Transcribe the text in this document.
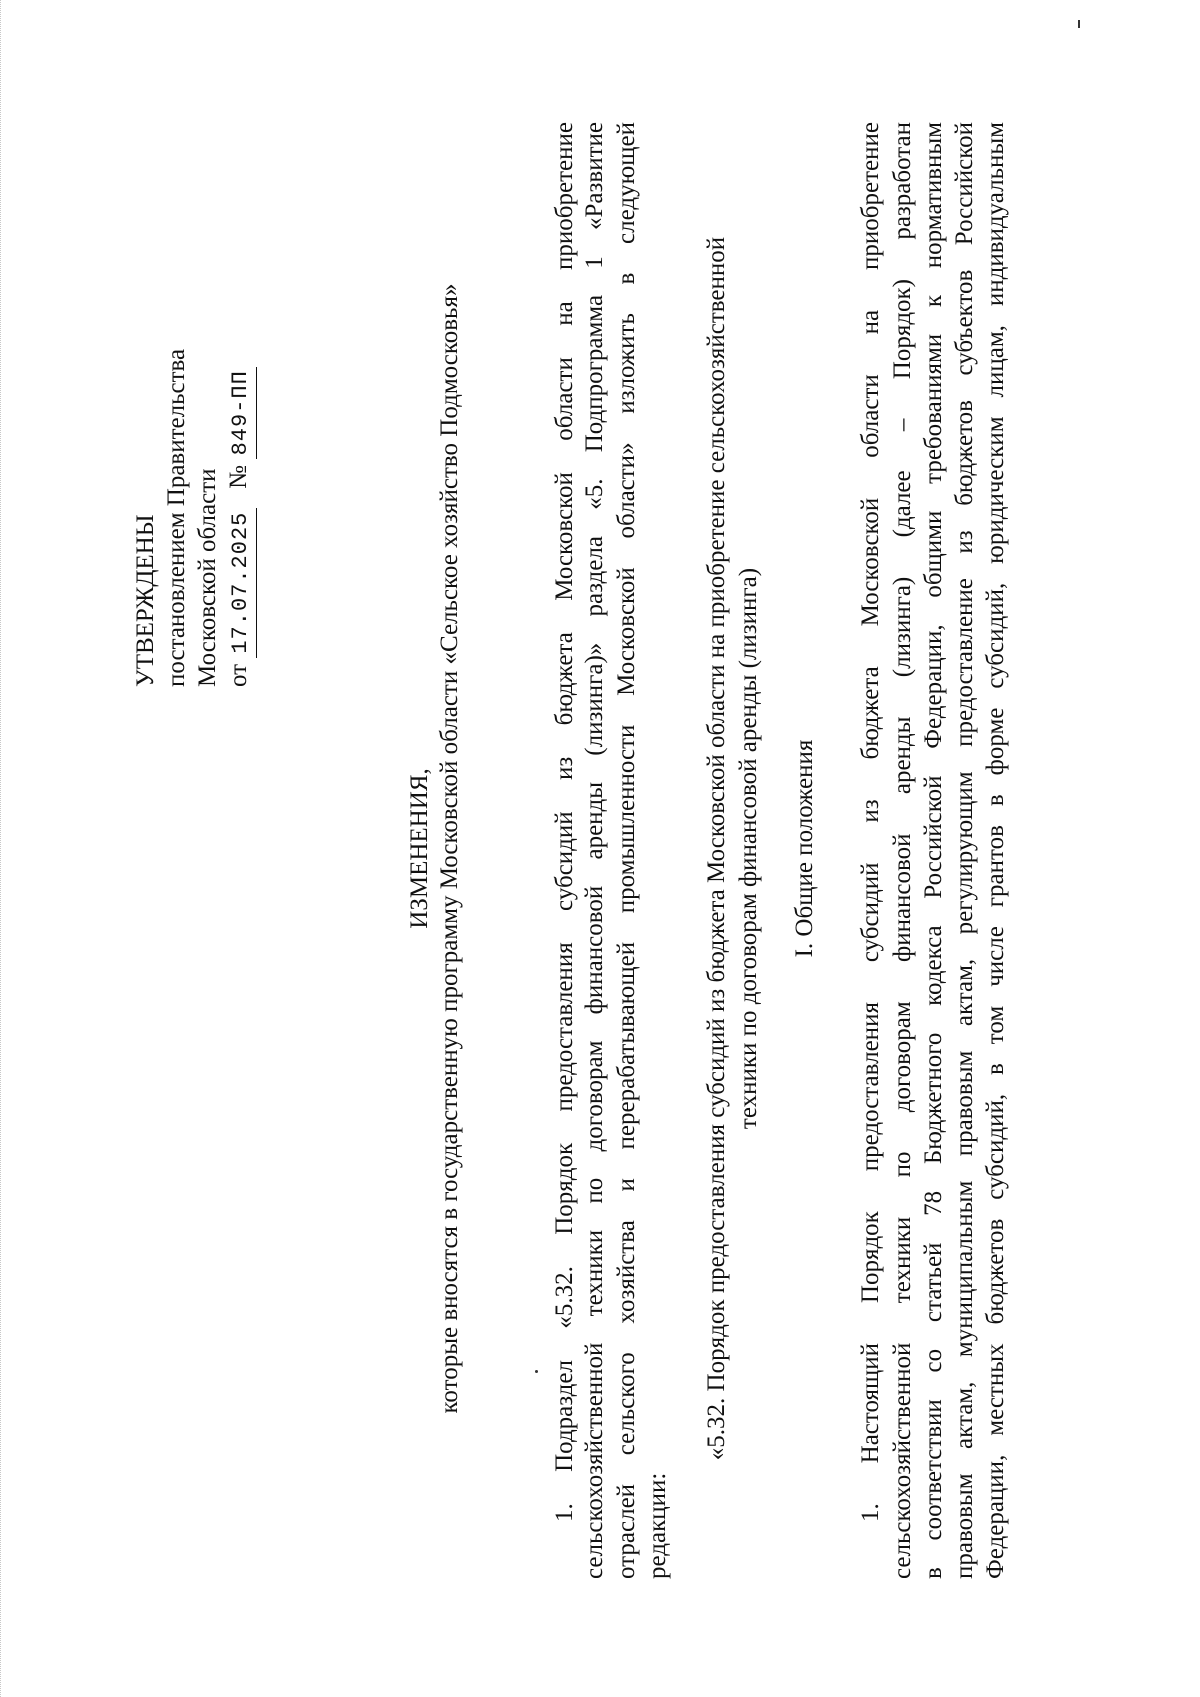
УТВЕРЖДЕНЫ постановлением Правительства Московской области от 17.07.2025   № 849-ПП
ИЗМЕНЕНИЯ, которые вносятся в государственную программу Московской области «Сельское хозяйство Подмосковья»	1. Подраздел «5.32. Порядок предоставления субсидий из бюджета Московской области на приобретение сельскохозяйственной техники по договорам финансовой аренды (лизинга)» раздела «5. Подпрограмма 1 «Развитие отраслей сельского хозяйства и перерабатывающей промышленности Московской области» изложить в следующей редакции:
«5.32. Порядок предоставления субсидий из бюджета Московской области на приобретение сельскохозяйственной техники по договорам финансовой аренды (лизинга) I. Общие положения 1. Настоящий Порядок предоставления субсидий из бюджета Московской области на приобретение сельскохозяйственной техники по договорам финансовой аренды (лизинга) (далее – Порядок) разработан в соответствии со статьей 78 Бюджетного кодекса Российской Федерации, общими требованиями к нормативным правовым актам, муниципальным правовым актам, регулирующим предоставление из бюджетов субъектов Российской Федерации, местных бюджетов субсидий, в том числе грантов в форме субсидий, юридическим лицам, индивидуальным
